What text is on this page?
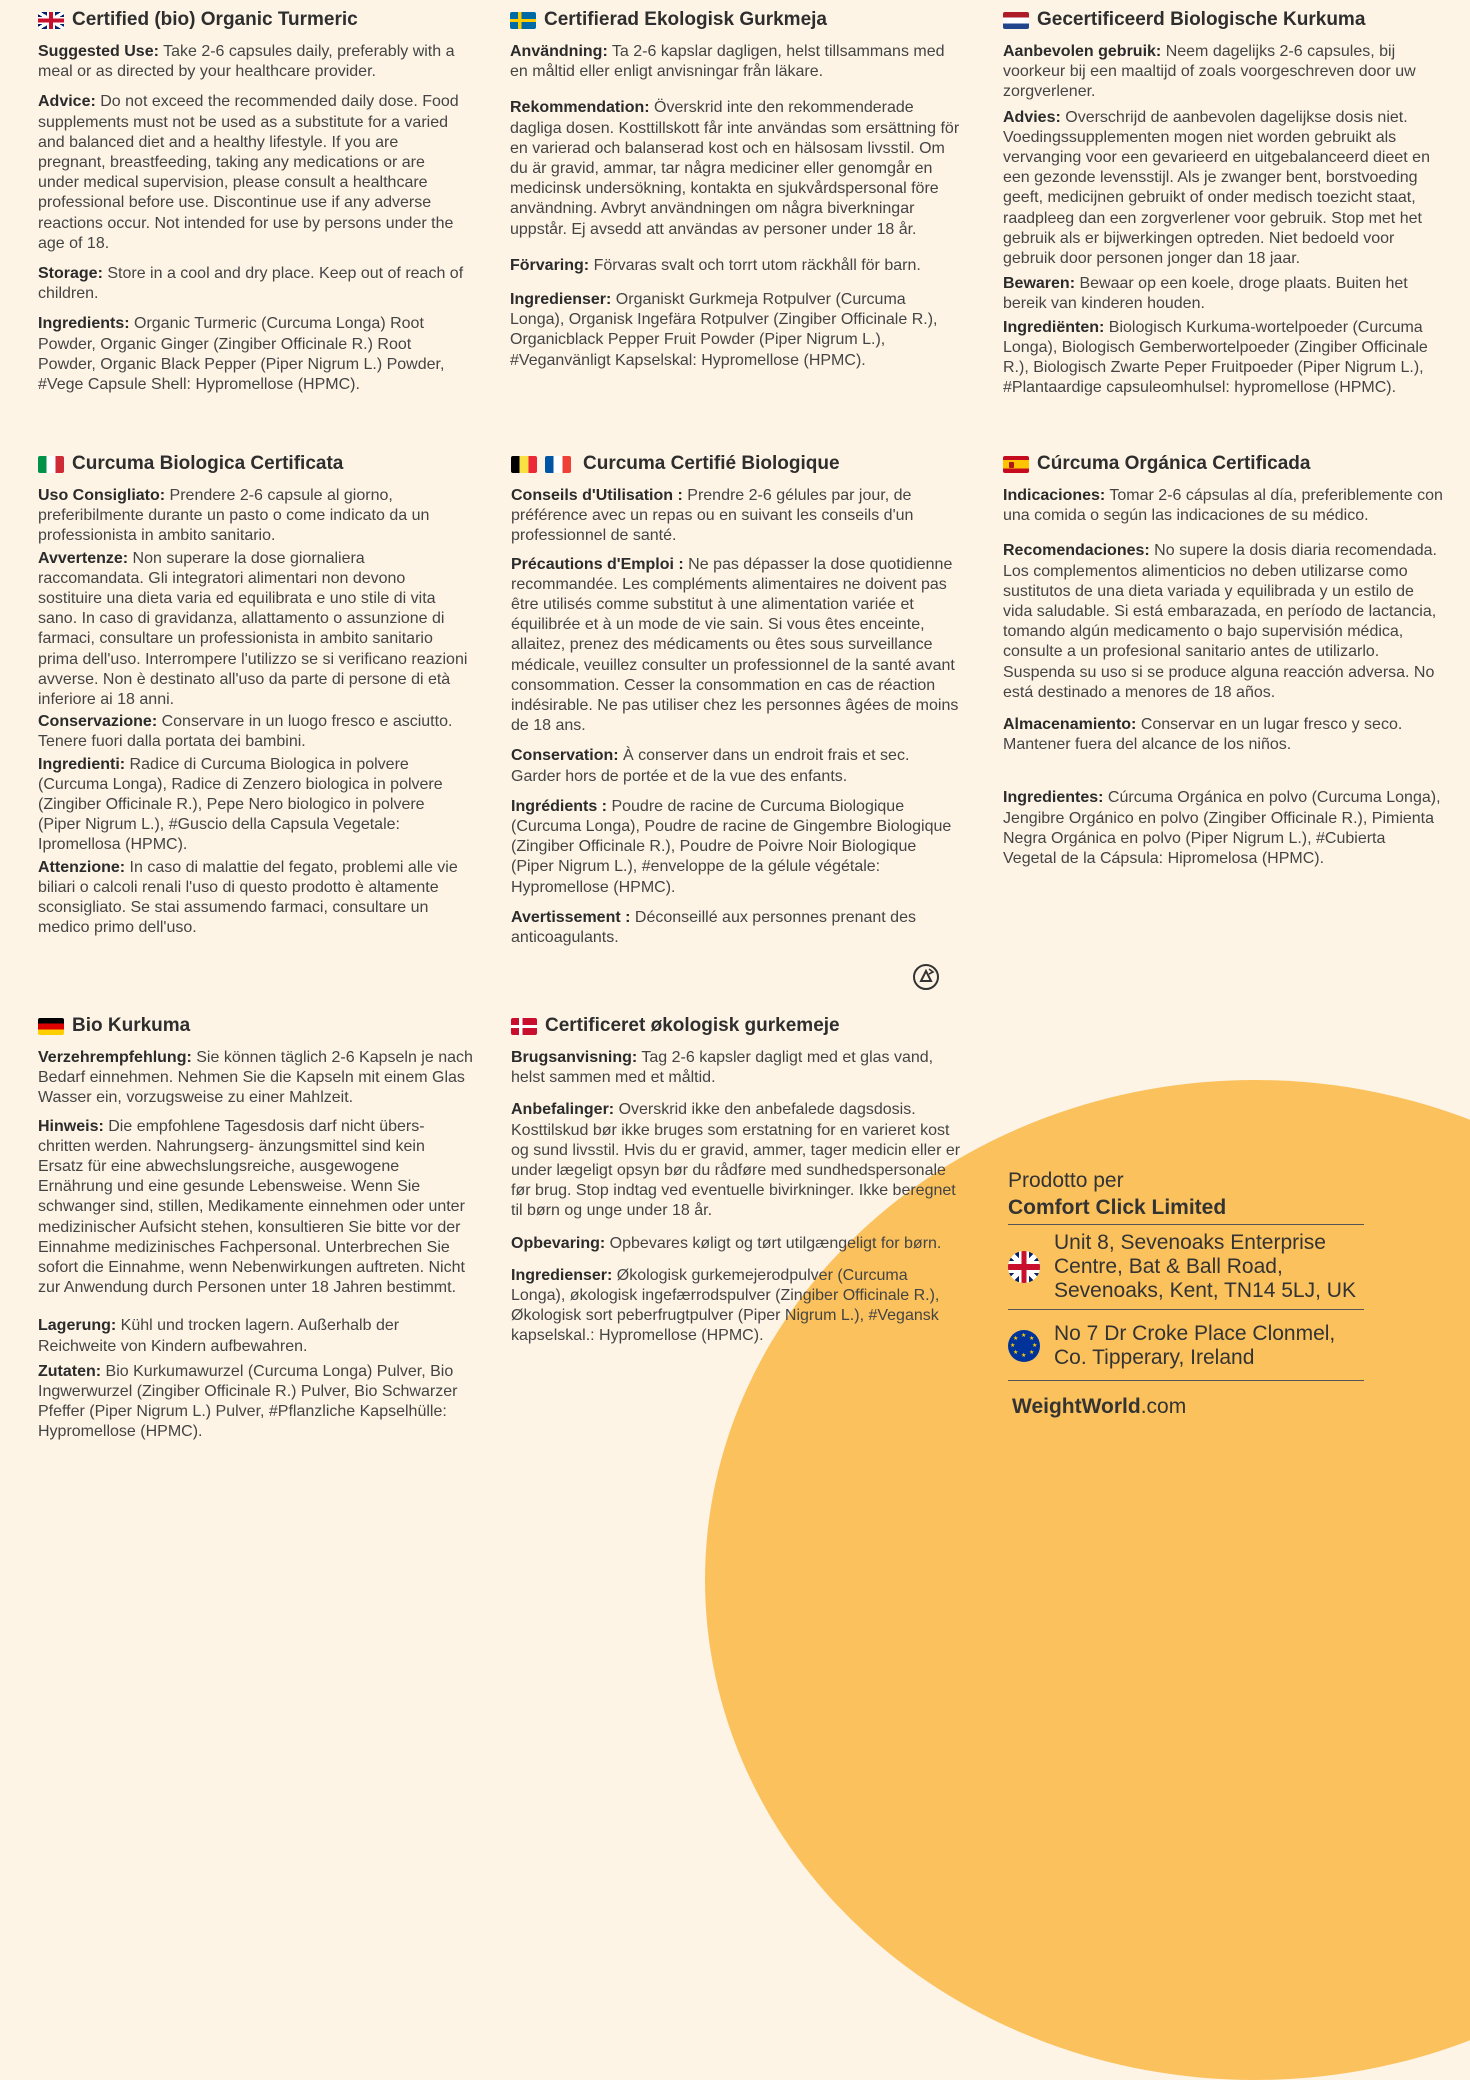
Certified (bio) Organic Turmeric

Suggested Use: Take 2-6 capsules daily, preferably with a meal or as directed by your healthcare provider.

Advice: Do not exceed the recommended daily dose. Food supplements must not be used as a substitute for a varied and balanced diet and a healthy lifestyle. If you are pregnant, breastfeeding, taking any medications or are under medical supervision, please consult a healthcare professional before use. Discontinue use if any adverse reactions occur. Not intended for use by persons under the age of 18.

Storage: Store in a cool and dry place. Keep out of reach of children.

Ingredients: Organic Turmeric (Curcuma Longa) Root Powder, Organic Ginger (Zingiber Officinale R.) Root Powder, Organic Black Pepper (Piper Nigrum L.) Powder, #Vege Capsule Shell: Hypromellose (HPMC).

Certifierad Ekologisk Gurkmeja

Användning: Ta 2-6 kapslar dagligen, helst tillsammans med en måltid eller enligt anvisningar från läkare.

Rekommendation: Överskrid inte den rekommenderade dagliga dosen. Kosttillskott får inte användas som ersättning för en varierad och balanserad kost och en hälsosam livsstil. Om du är gravid, ammar, tar några mediciner eller genomgår en medicinsk undersökning, kontakta en sjukvårdspersonal före användning. Avbryt användningen om några biverkningar uppstår. Ej avsedd att användas av personer under 18 år.

Förvaring: Förvaras svalt och torrt utom räckhåll för barn.

Ingredienser: Organiskt Gurkmeja Rotpulver (Curcuma Longa), Organisk Ingefära Rotpulver (Zingiber Officinale R.), Organicblack Pepper Fruit Powder (Piper Nigrum L.), #Veganvänligt Kapselskal: Hypromellose (HPMC).

Gecertificeerd Biologische Kurkuma

Aanbevolen gebruik: Neem dagelijks 2-6 capsules, bij voorkeur bij een maaltijd of zoals voorgeschreven door uw zorgverlener.

Advies: Overschrijd de aanbevolen dagelijkse dosis niet. Voedingssupplementen mogen niet worden gebruikt als vervanging voor een gevarieerd en uitgebalanceerd dieet en een gezonde levensstijl. Als je zwanger bent, borstvoeding geeft, medicijnen gebruikt of onder medisch toezicht staat, raadpleeg dan een zorgverlener voor gebruik. Stop met het gebruik als er bijwerkingen optreden. Niet bedoeld voor gebruik door personen jonger dan 18 jaar.

Bewaren: Bewaar op een koele, droge plaats. Buiten het bereik van kinderen houden.

Ingrediënten: Biologisch Kurkuma-wortelpoeder (Curcuma Longa), Biologisch Gemberwortelpoeder (Zingiber Officinale R.), Biologisch Zwarte Peper Fruitpoeder (Piper Nigrum L.), #Plantaardige capsuleomhulsel: hypromellose (HPMC).

Curcuma Biologica Certificata

Uso Consigliato: Prendere 2-6 capsule al giorno, preferibilmente durante un pasto o come indicato da un professionista in ambito sanitario.

Avvertenze: Non superare la dose giornaliera raccomandata. Gli integratori alimentari non devono sostituire una dieta varia ed equilibrata e uno stile di vita sano. In caso di gravidanza, allattamento o assunzione di farmaci, consultare un professionista in ambito sanitario prima dell'uso. Interrompere l'utilizzo se si verificano reazioni avverse. Non è destinato all'uso da parte di persone di età inferiore ai 18 anni.

Conservazione: Conservare in un luogo fresco e asciutto. Tenere fuori dalla portata dei bambini.

Ingredienti: Radice di Curcuma Biologica in polvere (Curcuma Longa), Radice di Zenzero biologica in polvere (Zingiber Officinale R.), Pepe Nero biologico in polvere (Piper Nigrum L.), #Guscio della Capsula Vegetale: Ipromellosa (HPMC).

Attenzione: In caso di malattie del fegato, problemi alle vie biliari o calcoli renali l'uso di questo prodotto è altamente sconsigliato. Se stai assumendo farmaci, consultare un medico primo dell'uso.

Curcuma Certifié Biologique

Conseils d'Utilisation : Prendre 2-6 gélules par jour, de préférence avec un repas ou en suivant les conseils d'un professionnel de santé.

Précautions d'Emploi : Ne pas dépasser la dose quotidienne recommandée. Les compléments alimentaires ne doivent pas être utilisés comme substitut à une alimentation variée et équilibrée et à un mode de vie sain. Si vous êtes enceinte, allaitez, prenez des médicaments ou êtes sous surveillance médicale, veuillez consulter un professionnel de la santé avant consommation. Cesser la consommation en cas de réaction indésirable. Ne pas utiliser chez les personnes âgées de moins de 18 ans.

Conservation: À conserver dans un endroit frais et sec. Garder hors de portée et de la vue des enfants.

Ingrédients : Poudre de racine de Curcuma Biologique (Curcuma Longa), Poudre de racine de Gingembre Biologique (Zingiber Officinale R.), Poudre de Poivre Noir Biologique (Piper Nigrum L.), #enveloppe de la gélule végétale: Hypromellose (HPMC).

Avertissement : Déconseillé aux personnes prenant des anticoagulants.

Cúrcuma Orgánica Certificada

Indicaciones: Tomar 2-6 cápsulas al día, preferiblemente con una comida o según las indicaciones de su médico.

Recomendaciones: No supere la dosis diaria recomendada. Los complementos alimenticios no deben utilizarse como sustitutos de una dieta variada y equilibrada y un estilo de vida saludable. Si está embarazada, en período de lactancia, tomando algún medicamento o bajo supervisión médica, consulte a un profesional sanitario antes de utilizarlo. Suspenda su uso si se produce alguna reacción adversa. No está destinado a menores de 18 años.

Almacenamiento: Conservar en un lugar fresco y seco. Mantener fuera del alcance de los niños.

Ingredientes: Cúrcuma Orgánica en polvo (Curcuma Longa), Jengibre Orgánico en polvo (Zingiber Officinale R.), Pimienta Negra Orgánica en polvo (Piper Nigrum L.), #Cubierta Vegetal de la Cápsula: Hipromelosa (HPMC).

Bio Kurkuma

Verzehrempfehlung: Sie können täglich 2-6 Kapseln je nach Bedarf einnehmen. Nehmen Sie die Kapseln mit einem Glas Wasser ein, vorzugsweise zu einer Mahlzeit.

Hinweis: Die empfohlene Tagesdosis darf nicht übers- chritten werden. Nahrungserg- änzungsmittel sind kein Ersatz für eine abwechslungsreiche, ausgewogene Ernährung und eine gesunde Lebensweise. Wenn Sie schwanger sind, stillen, Medikamente einnehmen oder unter medizinischer Aufsicht stehen, konsultieren Sie bitte vor der Einnahme medizinisches Fachpersonal. Unterbrechen Sie sofort die Einnahme, wenn Nebenwirkungen auftreten. Nicht zur Anwendung durch Personen unter 18 Jahren bestimmt.

Lagerung: Kühl und trocken lagern. Außerhalb der Reichweite von Kindern aufbewahren.

Zutaten: Bio Kurkumawurzel (Curcuma Longa) Pulver, Bio Ingwerwurzel (Zingiber Officinale R.) Pulver, Bio Schwarzer Pfeffer (Piper Nigrum L.) Pulver, #Pflanzliche Kapselhülle: Hypromellose (HPMC).

Certificeret økologisk gurkemeje

Brugsanvisning: Tag 2-6 kapsler dagligt med et glas vand, helst sammen med et måltid.

Anbefalinger: Overskrid ikke den anbefalede dagsdosis. Kosttilskud bør ikke bruges som erstatning for en varieret kost og sund livsstil. Hvis du er gravid, ammer, tager medicin eller er under lægeligt opsyn bør du rådføre med sundhedspersonale før brug. Stop indtag ved eventuelle bivirkninger. Ikke beregnet til børn og unge under 18 år.

Opbevaring: Opbevares køligt og tørt utilgængeligt for børn.

Ingredienser: Økologisk gurkemejerodpulver (Curcuma Longa), økologisk ingefærrodspulver (Zingiber Officinale R.), Økologisk sort peberfrugtpulver (Piper Nigrum L.), #Vegansk kapselskal.: Hypromellose (HPMC).

Prodotto per
Comfort Click Limited
Unit 8, Sevenoaks Enterprise Centre, Bat & Ball Road, Sevenoaks, Kent, TN14 5LJ, UK
★ ★
★
★
★
★
★
★ No 7 Dr Croke Place Clonmel, Co. Tipperary, Ireland
WeightWorld.com
